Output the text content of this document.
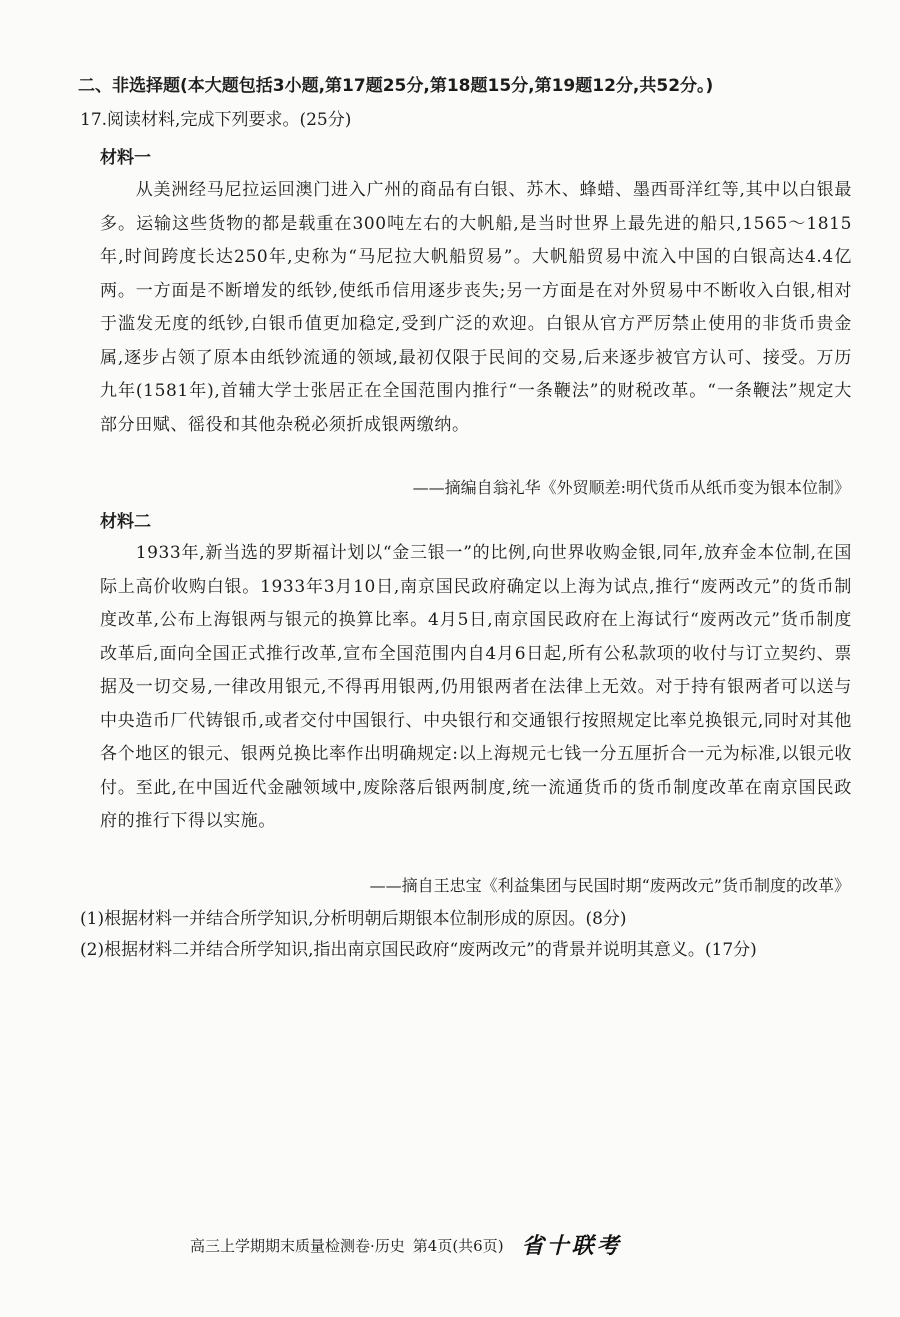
二、非选择题(本大题包括3小题,第17题25分,第18题15分,第19题12分,共52分。)
17.阅读材料,完成下列要求。(25分)
材料一
从美洲经马尼拉运回澳门进入广州的商品有白银、苏木、蜂蜡、墨西哥洋红等,其中以白银最多。运输这些货物的都是载重在300吨左右的大帆船,是当时世界上最先进的船只,1565～1815年,时间跨度长达250年,史称为“马尼拉大帆船贸易”。大帆船贸易中流入中国的白银高达4.4亿两。一方面是不断增发的纸钞,使纸币信用逐步丧失;另一方面是在对外贸易中不断收入白银,相对于滥发无度的纸钞,白银币值更加稳定,受到广泛的欢迎。白银从官方严厉禁止使用的非货币贵金属,逐步占领了原本由纸钞流通的领域,最初仅限于民间的交易,后来逐步被官方认可、接受。万历九年(1581年),首辅大学士张居正在全国范围内推行“一条鞭法”的财税改革。“一条鞭法”规定大部分田赋、徭役和其他杂税必须折成银两缴纳。
——摘编自翁礼华《外贸顺差:明代货币从纸币变为银本位制》
材料二
1933年,新当选的罗斯福计划以“金三银一”的比例,向世界收购金银,同年,放弃金本位制,在国际上高价收购白银。1933年3月10日,南京国民政府确定以上海为试点,推行“废两改元”的货币制度改革,公布上海银两与银元的换算比率。4月5日,南京国民政府在上海试行“废两改元”货币制度改革后,面向全国正式推行改革,宣布全国范围内自4月6日起,所有公私款项的收付与订立契约、票据及一切交易,一律改用银元,不得再用银两,仍用银两者在法律上无效。对于持有银两者可以送与中央造币厂代铸银币,或者交付中国银行、中央银行和交通银行按照规定比率兑换银元,同时对其他各个地区的银元、银两兑换比率作出明确规定:以上海规元七钱一分五厘折合一元为标准,以银元收付。至此,在中国近代金融领域中,废除落后银两制度,统一流通货币的货币制度改革在南京国民政府的推行下得以实施。
——摘自王忠宝《利益集团与民国时期“废两改元”货币制度的改革》
(1)根据材料一并结合所学知识,分析明朝后期银本位制形成的原因。(8分)
(2)根据材料二并结合所学知识,指出南京国民政府“废两改元”的背景并说明其意义。(17分)
高三上学期期末质量检测卷·历史 第4页(共6页) 省十联考
